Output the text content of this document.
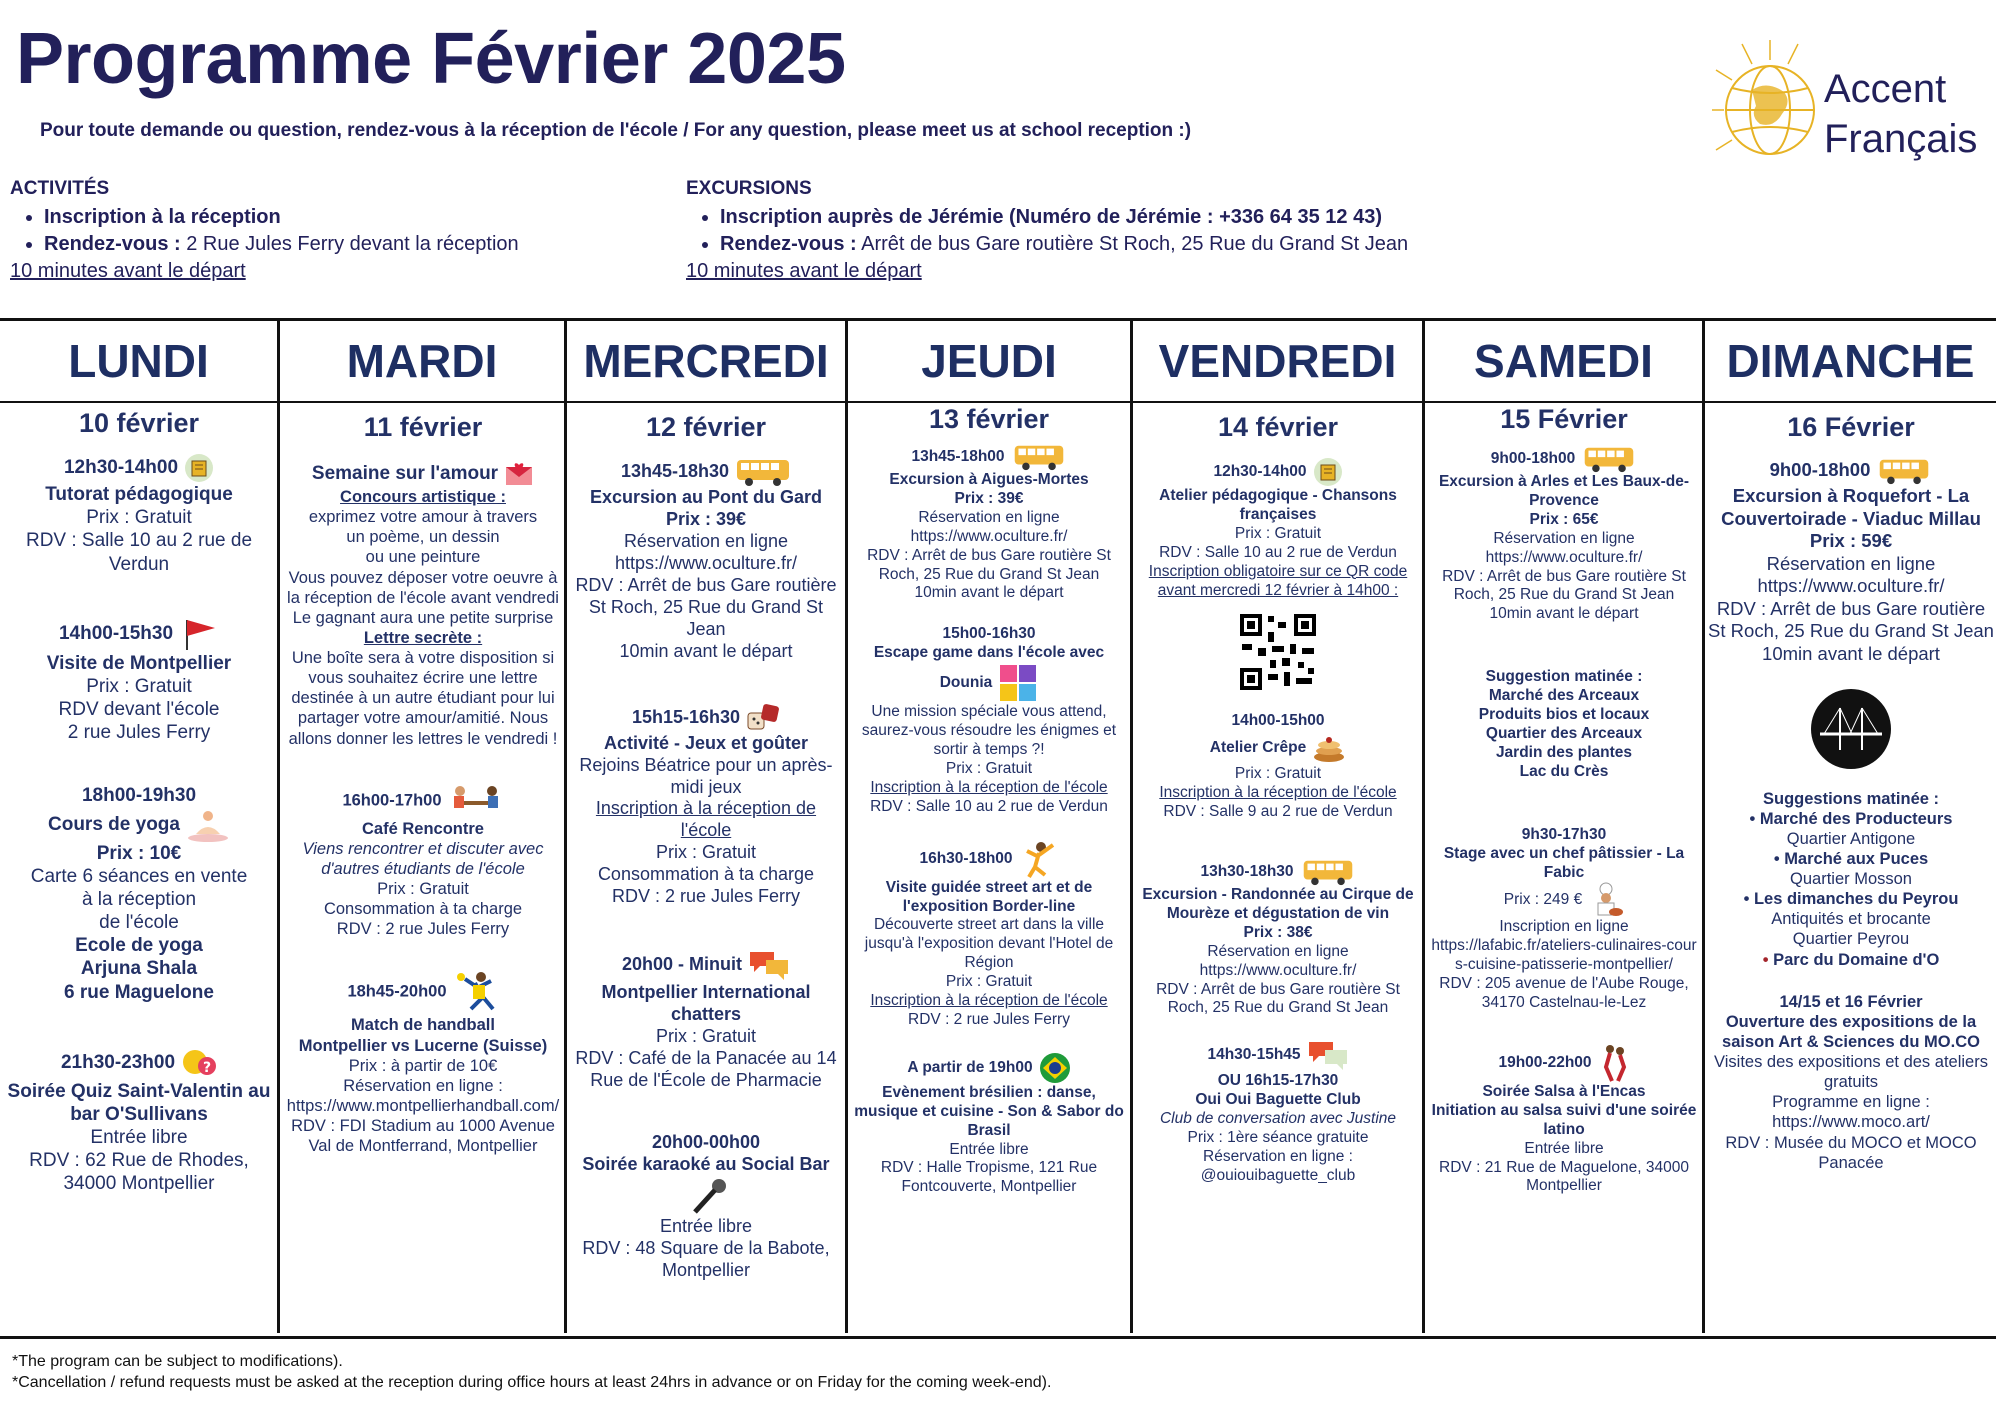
Programme Février 2025
Pour toute demande ou question, rendez-vous à la réception de l'école / For any question, please meet us at school reception :)
Accent
Français
ACTIVITÉS
• Inscription à la réception
• Rendez-vous : 2 Rue Jules Ferry devant la réception
10 minutes avant le départ
EXCURSIONS
• Inscription auprès de Jérémie (Numéro de Jérémie : +336 64 35 12 43)
• Rendez-vous : Arrêt de bus Gare routière St Roch, 25 Rue du Grand St Jean
10 minutes avant le départ
LUNDI	MARDI	MERCREDI	JEUDI	VENDREDI	SAMEDI	DIMANCHE
10 février
12h30-14h00
Tutorat pédagogique
Prix : Gratuit
RDV : Salle 10 au 2 rue de Verdun
14h00-15h30
Visite de Montpellier
Prix : Gratuit
RDV devant l'école
2 rue Jules Ferry
18h00-19h30
Cours de yoga
Prix : 10€
Carte 6 séances en vente
à la réception
de l'école
Ecole de yoga
Arjuna Shala
6 rue Maguelone
21h30-23h00 ?
Soirée Quiz Saint-Valentin au bar O'Sullivans
Entrée libre
RDV : 62 Rue de Rhodes, 34000 Montpellier
11 février
Semaine sur l'amour
Concours artistique :
exprimez votre amour à travers
un poème, un dessin
ou une peinture
Vous pouvez déposer votre oeuvre à la réception de l'école avant vendredi
Le gagnant aura une petite surprise
Lettre secrète :
Une boîte sera à votre disposition si vous souhaitez écrire une lettre destinée à un autre étudiant pour lui partager votre amour/amitié. Nous allons donner les lettres le vendredi !
16h00-17h00
Café Rencontre
Viens rencontrer et discuter avec d'autres étudiants de l'école
Prix : Gratuit
Consommation à ta charge
RDV : 2 rue Jules Ferry
18h45-20h00
Match de handball
Montpellier vs Lucerne (Suisse)
Prix : à partir de 10€
Réservation en ligne :
https://www.montpellierhandball.com/
RDV : FDI Stadium au 1000 Avenue Val de Montferrand, Montpellier
12 février
13h45-18h30
Excursion au Pont du Gard
Prix : 39€
Réservation en ligne
https://www.oculture.fr/
RDV : Arrêt de bus Gare routière St Roch, 25 Rue du Grand St Jean
10min avant le départ
15h15-16h30
Activité - Jeux et goûter
Rejoins Béatrice pour un après-midi jeux
Inscription à la réception de l'école
Prix : Gratuit
Consommation à ta charge
RDV : 2 rue Jules Ferry
20h00 - Minuit
Montpellier International chatters
Prix : Gratuit
RDV : Café de la Panacée au 14 Rue de l'École de Pharmacie
20h00-00h00
Soirée karaoké au Social Bar
Entrée libre
RDV : 48 Square de la Babote, Montpellier
13 février
13h45-18h00
Excursion à Aigues-Mortes
Prix : 39€
Réservation en ligne
https://www.oculture.fr/
RDV : Arrêt de bus Gare routière St Roch, 25 Rue du Grand St Jean
10min avant le départ
15h00-16h30
Escape game dans l'école avec Dounia
Une mission spéciale vous attend, saurez-vous résoudre les énigmes et sortir à temps ?!
Prix : Gratuit
Inscription à la réception de l'école
RDV : Salle 10 au 2 rue de Verdun
16h30-18h00
Visite guidée street art et de l'exposition Border-line
Découverte street art dans la ville jusqu'à l'exposition devant l'Hotel de Région
Prix : Gratuit
Inscription à la réception de l'école
RDV : 2 rue Jules Ferry
A partir de 19h00
Evènement brésilien : danse, musique et cuisine - Son & Sabor do Brasil
Entrée libre
RDV : Halle Tropisme, 121 Rue Fontcouverte, Montpellier
14 février
12h30-14h00
Atelier pédagogique - Chansons françaises
Prix : Gratuit
RDV : Salle 10 au 2 rue de Verdun
Inscription obligatoire sur ce QR code avant mercredi 12 février à 14h00 :
14h00-15h00
Atelier Crêpe
Prix : Gratuit
Inscription à la réception de l'école
RDV : Salle 9 au 2 rue de Verdun
13h30-18h30
Excursion - Randonnée au Cirque de Mourèze et dégustation de vin
Prix : 38€
Réservation en ligne
https://www.oculture.fr/
RDV : Arrêt de bus Gare routière St Roch, 25 Rue du Grand St Jean
14h30-15h45
OU 16h15-17h30
Oui Oui Baguette Club
Club de conversation avec Justine
Prix : 1ère séance gratuite
Réservation en ligne :
@ouiouibaguette_club
15 Février
9h00-18h00
Excursion à Arles et Les Baux-de-Provence
Prix : 65€
Réservation en ligne
https://www.oculture.fr/
RDV : Arrêt de bus Gare routière St Roch, 25 Rue du Grand St Jean
10min avant le départ
Suggestion matinée :
Marché des Arceaux
Produits bios et locaux
Quartier des Arceaux
Jardin des plantes
Lac du Crès
9h30-17h30
Stage avec un chef pâtissier - La Fabic
Prix : 249 €
Inscription en ligne
https://lafabic.fr/ateliers-culinaires-cours-cuisine-patisserie-montpellier/
RDV : 205 avenue de l'Aube Rouge, 34170 Castelnau-le-Lez
19h00-22h00
Soirée Salsa à l'Encas
Initiation au salsa suivi d'une soirée latino
Entrée libre
RDV : 21 Rue de Maguelone, 34000 Montpellier
16 Février
9h00-18h00
Excursion à Roquefort - La Couvertoirade - Viaduc Millau
Prix : 59€
Réservation en ligne
https://www.oculture.fr/
RDV : Arrêt de bus Gare routière St Roch, 25 Rue du Grand St Jean
10min avant le départ
Suggestions matinée :
• Marché des Producteurs
Quartier Antigone
• Marché aux Puces
Quartier Mosson
• Les dimanches du Peyrou
Antiquités et brocante
Quartier Peyrou
• Parc du Domaine d'O
14/15 et 16 Février
Ouverture des expositions de la saison Art & Sciences du MO.CO
Visites des expositions et des ateliers gratuits
Programme en ligne :
https://www.moco.art/
RDV : Musée du MOCO et MOCO Panacée
*The program can be subject to modifications).
*Cancellation / refund requests must be asked at the reception during office hours at least 24hrs in advance or on Friday for the coming week-end).
